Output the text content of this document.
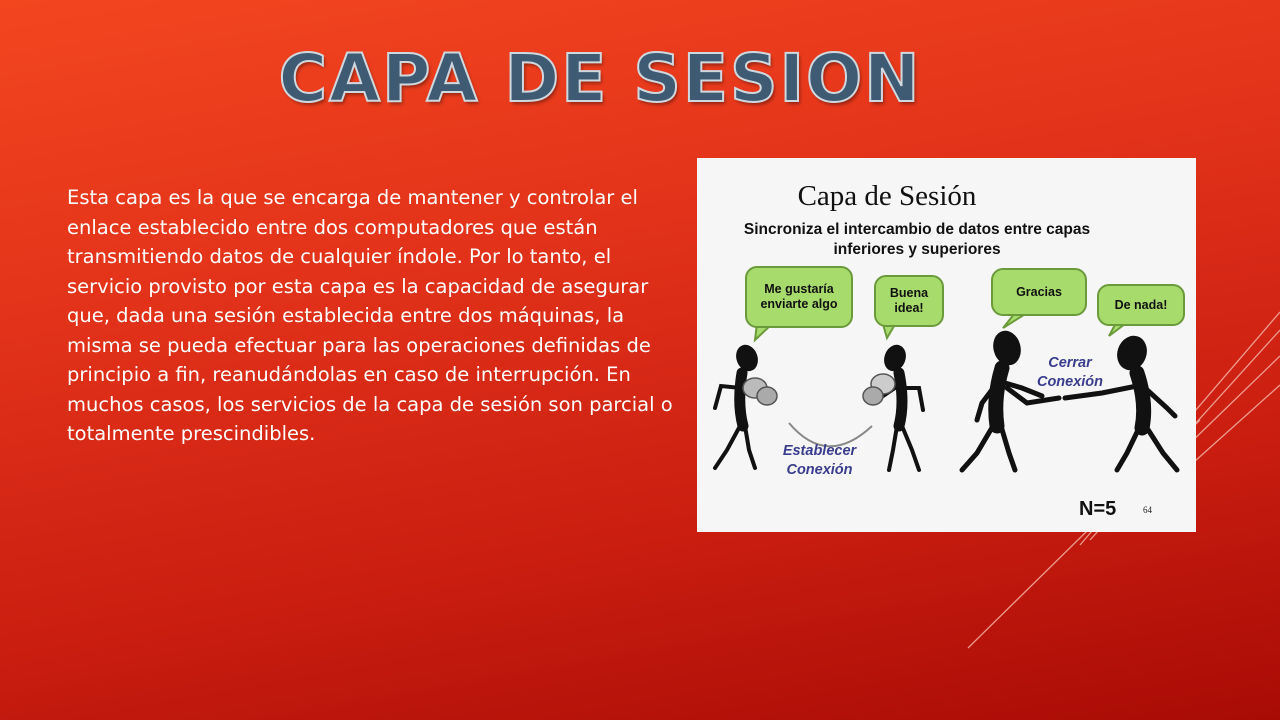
CAPA DE SESION
Esta capa es la que se encarga de mantener y controlar el enlace establecido entre dos computadores que están transmitiendo datos de cualquier índole. Por lo tanto, el servicio provisto por esta capa es la capacidad de asegurar que, dada una sesión establecida entre dos máquinas, la misma se pueda efectuar para las operaciones definidas de principio a fin, reanudándolas en caso de interrupción. En muchos casos, los servicios de la capa de sesión son parcial o totalmente prescindibles.
Capa de Sesión
Sincroniza el intercambio de datos entre capas inferiores y superiores
Me gustaría enviarte algo
Buena idea!
Gracias
De nada!
Establecer Conexión
Cerrar Conexión
N=5	64
